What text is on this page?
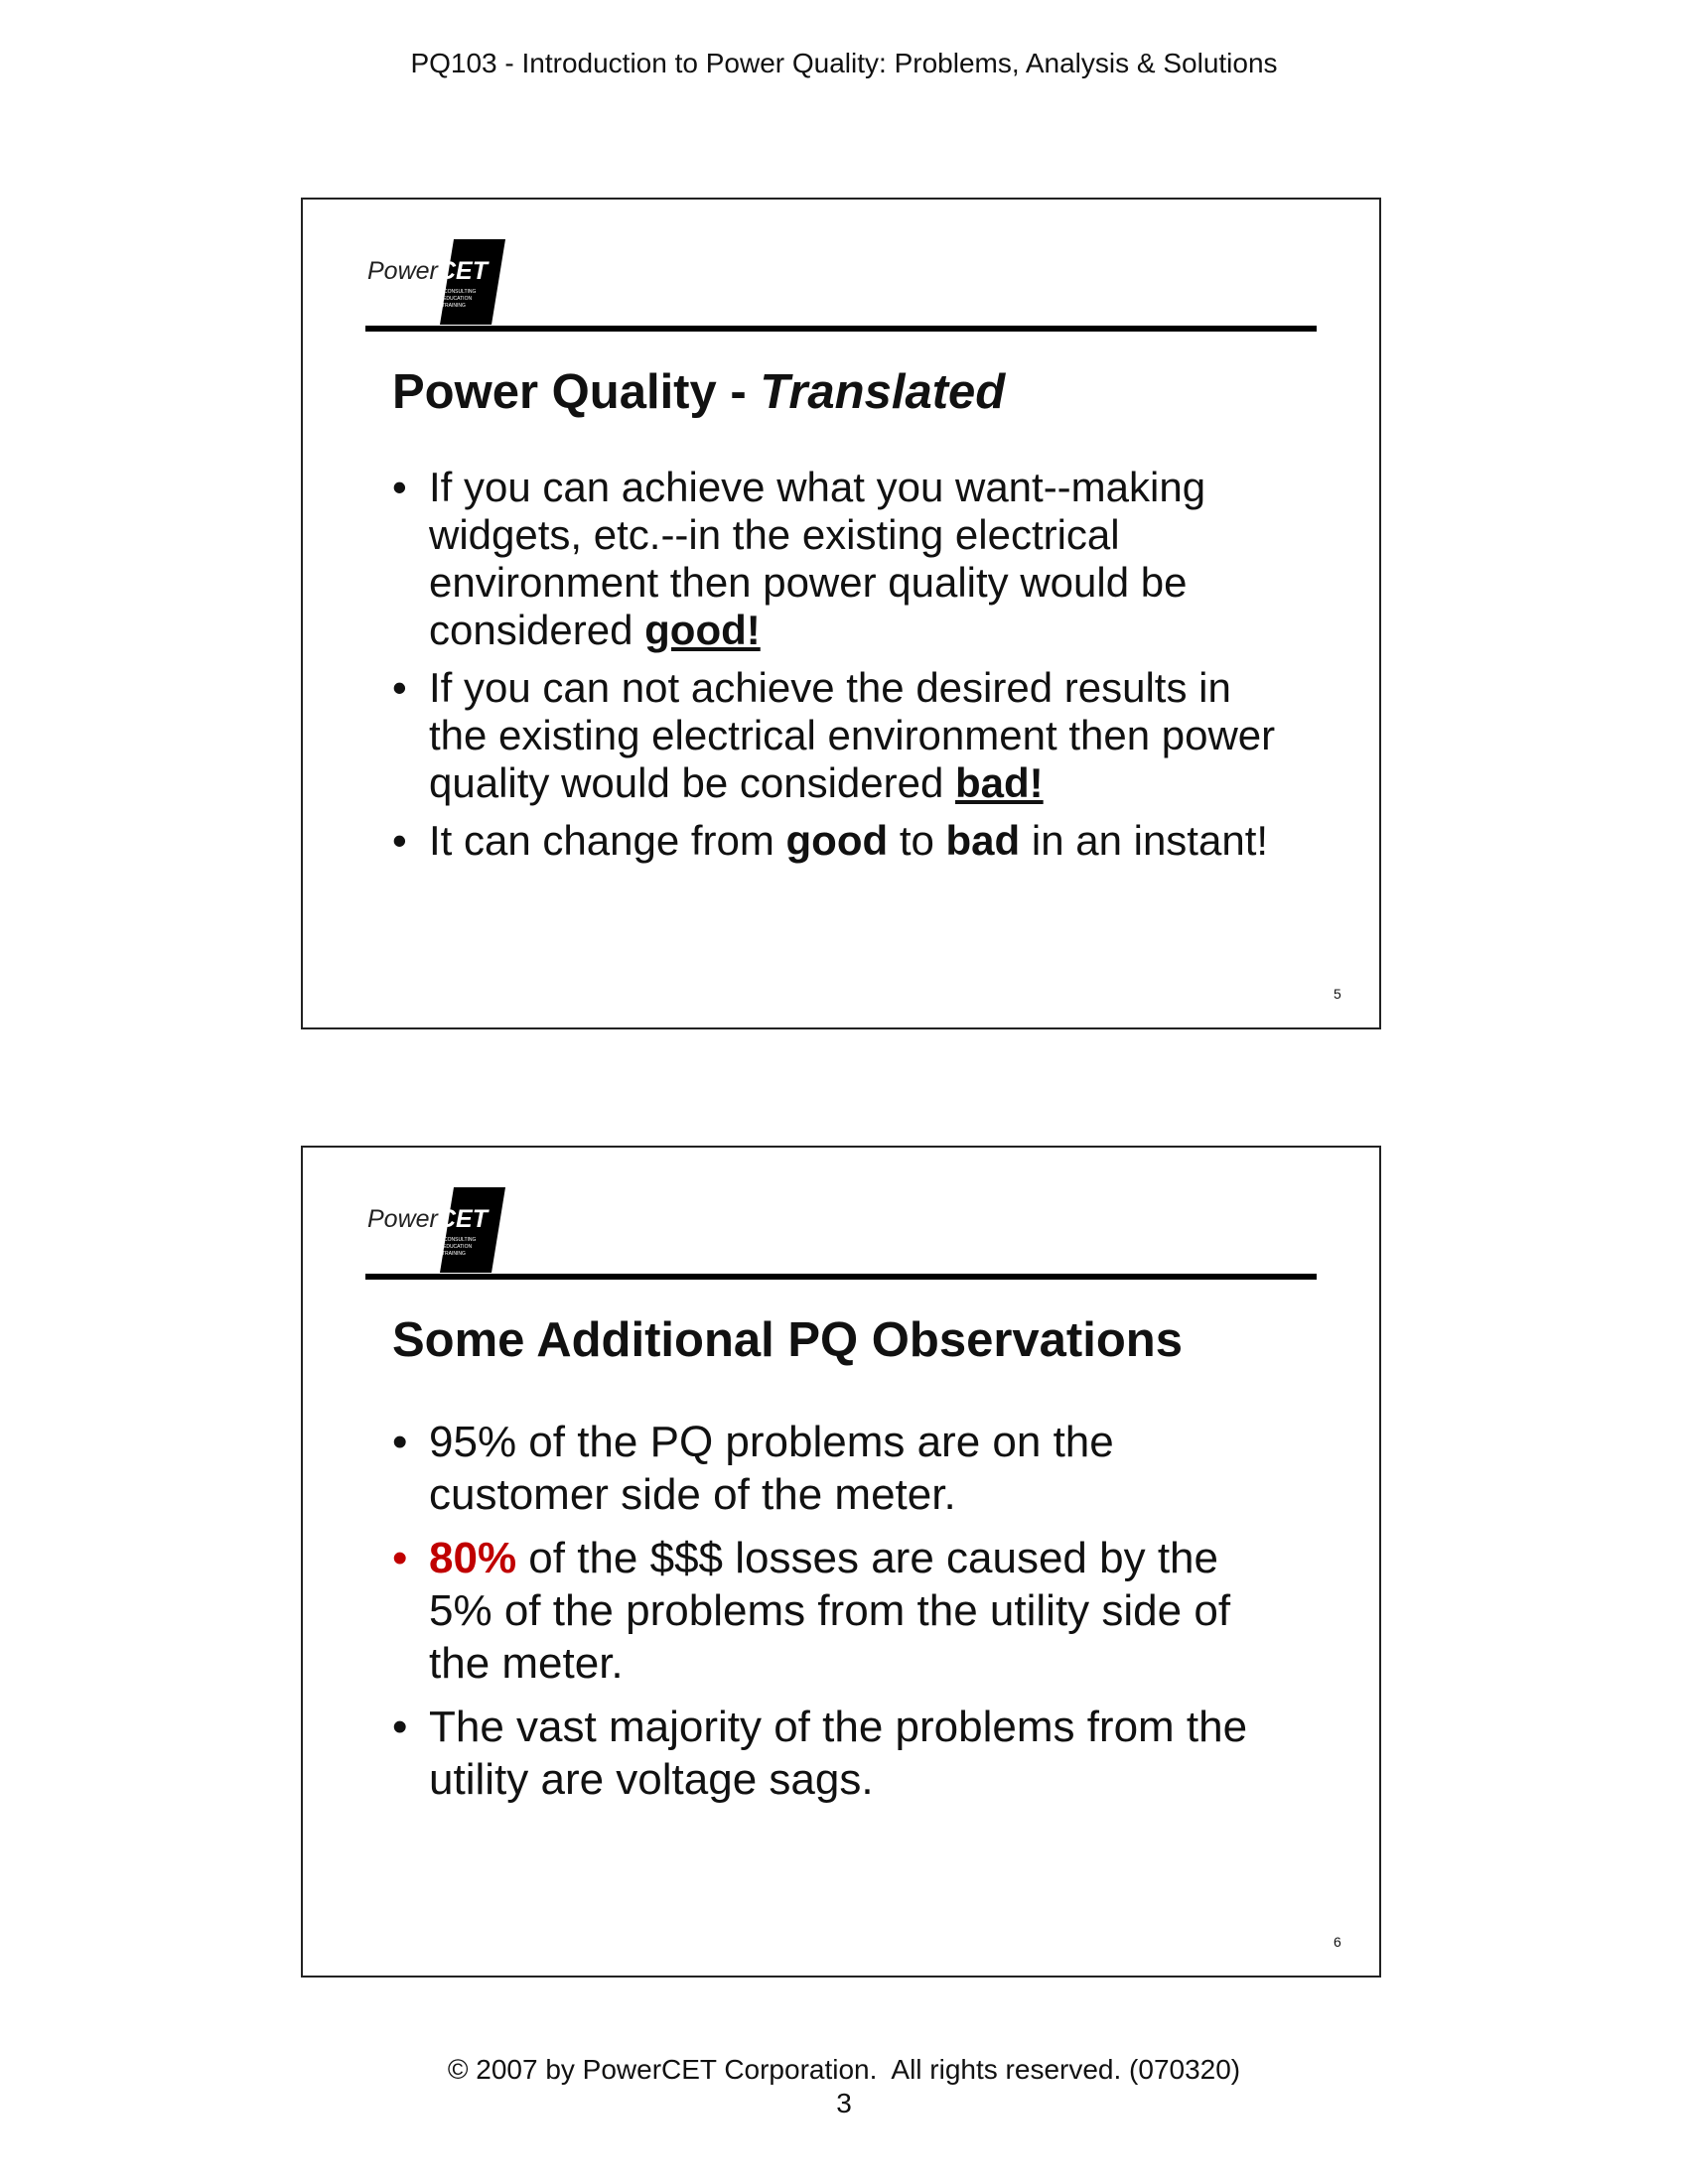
PQ103 - Introduction to Power Quality: Problems, Analysis & Solutions
Power CET
CONSULTING
EDUCATION
TRAINING
Power Quality - Translated
• If you can achieve what you want--making widgets, etc.--in the existing electrical environment then power quality would be considered good!
• If you can not achieve the desired results in the existing electrical environment then power quality would be considered bad!
• It can change from good to bad in an instant!
5
Power CET
CONSULTING
EDUCATION
TRAINING
Some Additional PQ Observations
• 95% of the PQ problems are on the customer side of the meter.
• 80% of the $$$ losses are caused by the 5% of the problems from the utility side of the meter.
• The vast majority of the problems from the utility are voltage sags.
6
© 2007 by PowerCET Corporation.  All rights reserved. (070320)
3
